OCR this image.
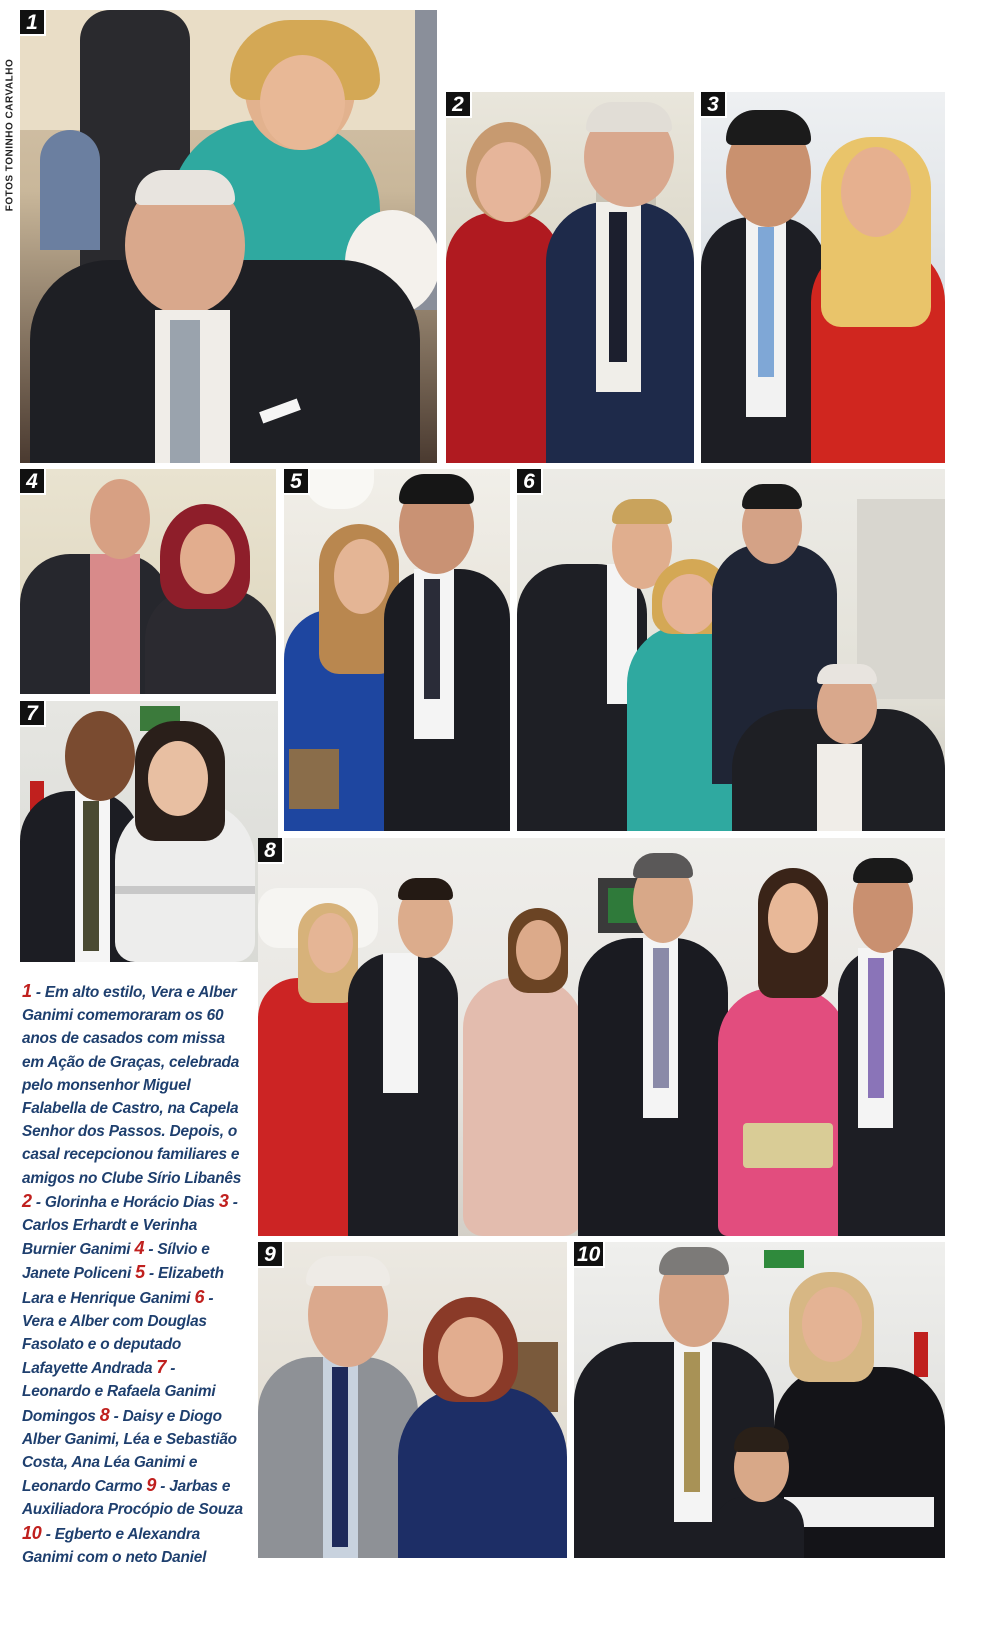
FOTOS TONINHO CARVALHO
1
2	3
4	5	6
7
8
9	10
1 - Em alto estilo, Vera e Alber Ganimi comemoraram os 60 anos de casados com missa em Ação de Graças, celebrada pelo monsenhor Miguel Falabella de Castro, na Capela Senhor dos Passos. Depois, o casal recepcionou familiares e amigos no Clube Sírio Libanês 2 - Glorinha e Horácio Dias 3 - Carlos Erhardt e Verinha Burnier Ganimi 4 - Sílvio e Janete Policeni 5 - Elizabeth Lara e Henrique Ganimi 6 - Vera e Alber com Douglas Fasolato e o deputado Lafayette Andrada 7 - Leonardo e Rafaela Ganimi Domingos 8 - Daisy e Diogo Alber Ganimi, Léa e Sebastião Costa, Ana Léa Ganimi e Leonardo Carmo 9 - Jarbas e Auxiliadora Procópio de Souza 10 - Egberto e Alexandra Ganimi com o neto Daniel
